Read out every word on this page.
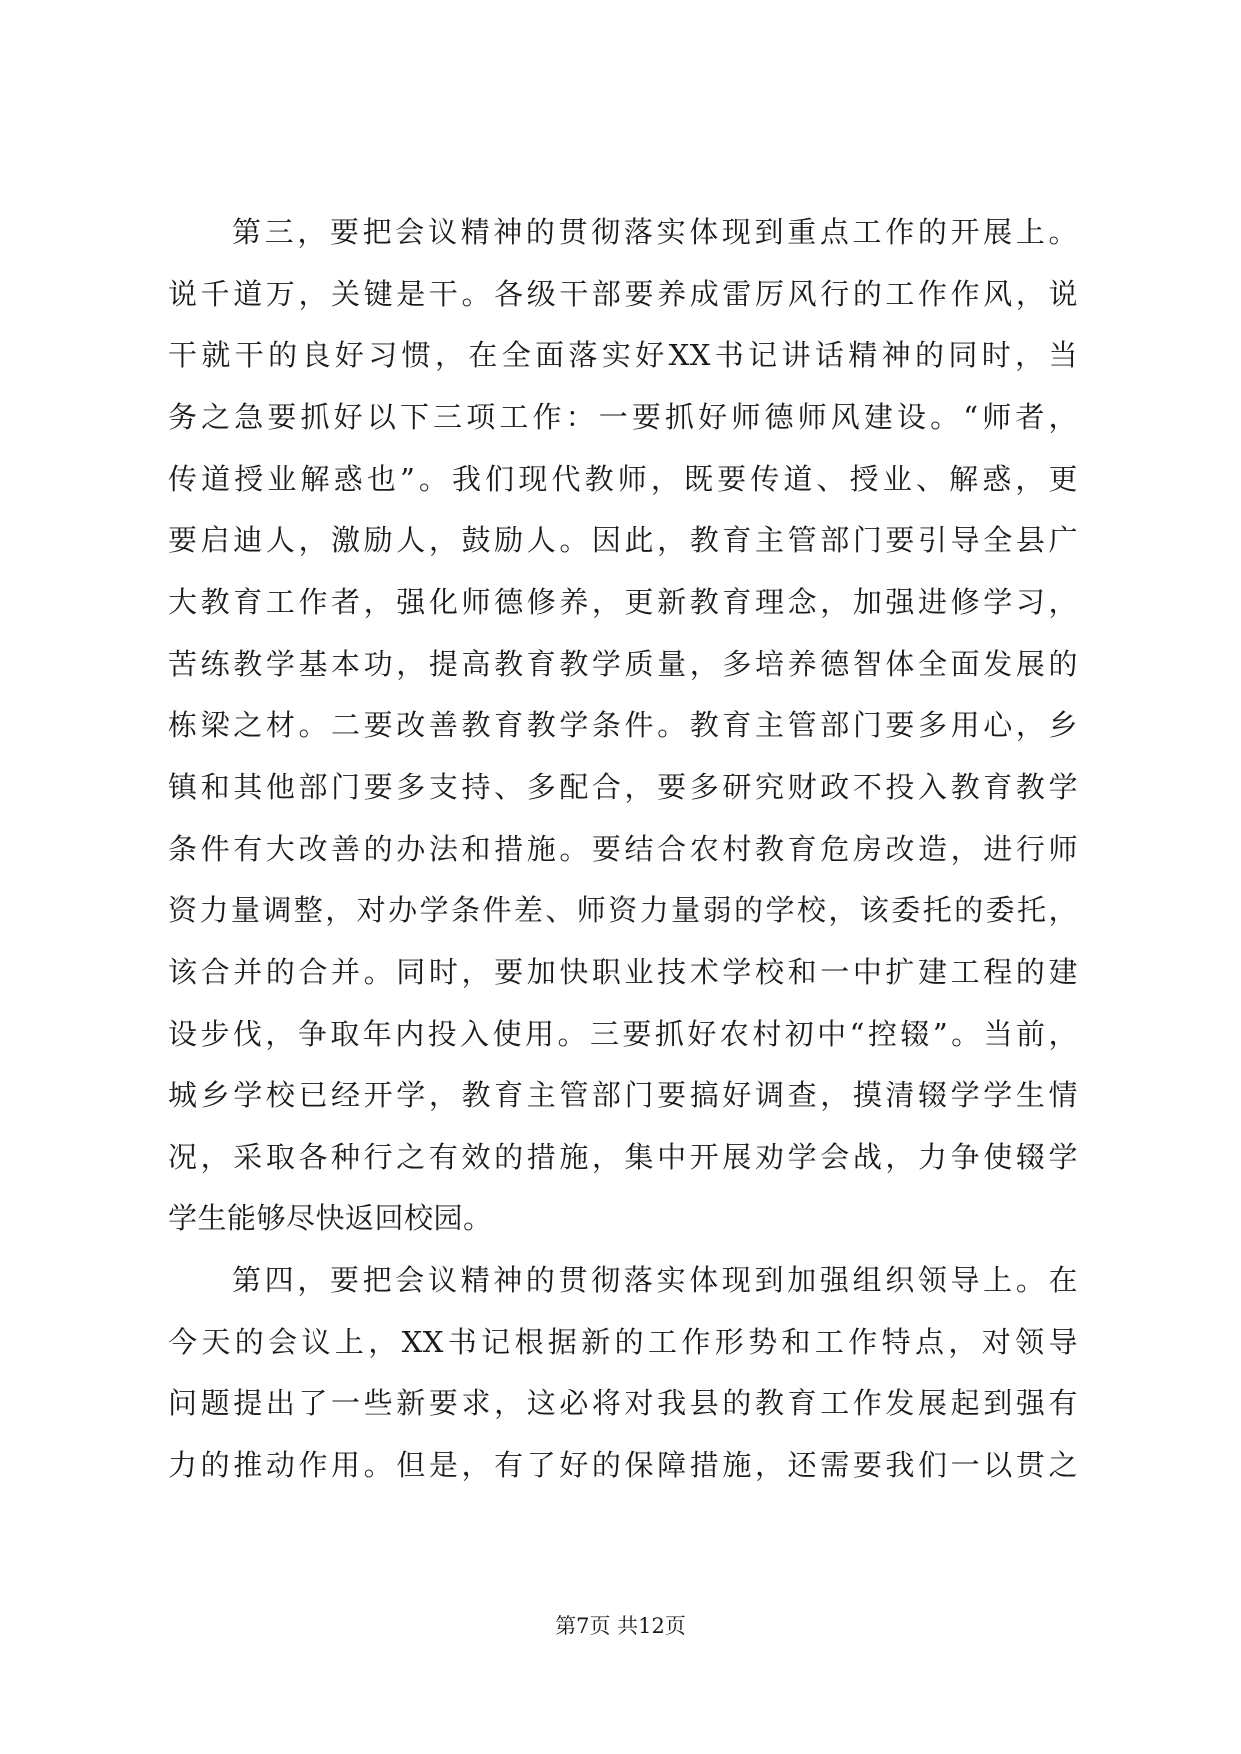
第三，要把会议精神的贯彻落实体现到重点工作的开展上。
说千道万，关键是干。各级干部要养成雷厉风行的工作作风，说
干就干的良好习惯，在全面落实好XX书记讲话精神的同时，当
务之急要抓好以下三项工作：一要抓好师德师风建设。“师者，
传道授业解惑也”。我们现代教师，既要传道、授业、解惑，更
要启迪人，激励人，鼓励人。因此，教育主管部门要引导全县广
大教育工作者，强化师德修养，更新教育理念，加强进修学习，
苦练教学基本功，提高教育教学质量，多培养德智体全面发展的
栋梁之材。二要改善教育教学条件。教育主管部门要多用心，乡
镇和其他部门要多支持、多配合，要多研究财政不投入教育教学
条件有大改善的办法和措施。要结合农村教育危房改造，进行师
资力量调整，对办学条件差、师资力量弱的学校，该委托的委托，
该合并的合并。同时，要加快职业技术学校和一中扩建工程的建
设步伐，争取年内投入使用。三要抓好农村初中“控辍”。当前，
城乡学校已经开学，教育主管部门要搞好调查，摸清辍学学生情
况，采取各种行之有效的措施，集中开展劝学会战，力争使辍学
学生能够尽快返回校园。
第四，要把会议精神的贯彻落实体现到加强组织领导上。在
今天的会议上，XX书记根据新的工作形势和工作特点，对领导
问题提出了一些新要求，这必将对我县的教育工作发展起到强有
力的推动作用。但是，有了好的保障措施，还需要我们一以贯之
第7页 共12页
